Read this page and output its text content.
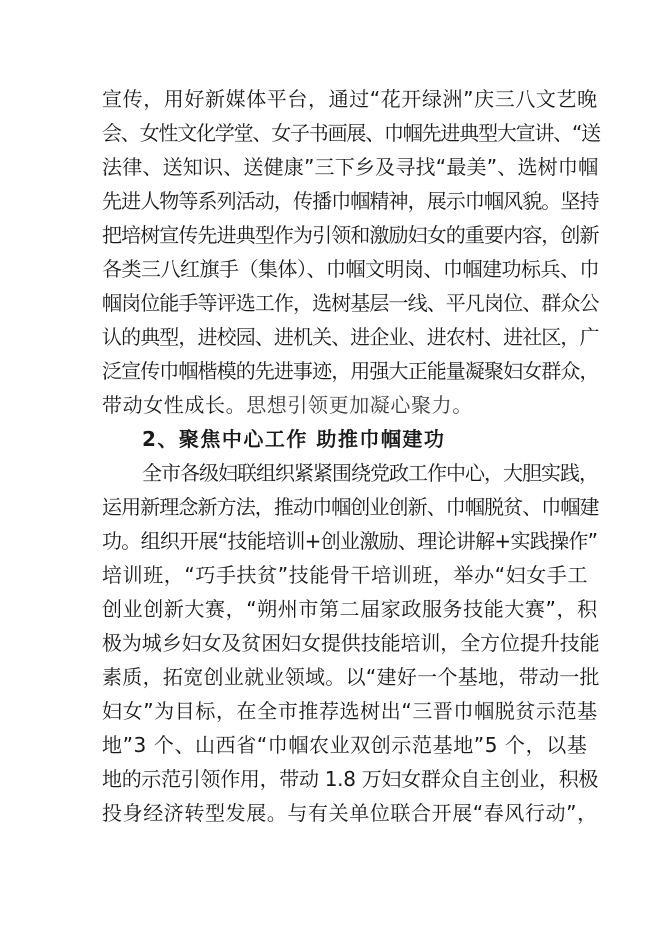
宣传，用好新媒体平台，通过“花开绿洲”庆三八文艺晚
会、女性文化学堂、女子书画展、巾帼先进典型大宣讲、“送
法律、送知识、送健康”三下乡及寻找“最美”、选树巾帼
先进人物等系列活动，传播巾帼精神，展示巾帼风貌。坚持
把培树宣传先进典型作为引领和激励妇女的重要内容，创新
各类三八红旗手（集体）、巾帼文明岗、巾帼建功标兵、巾
帼岗位能手等评选工作，选树基层一线、平凡岗位、群众公
认的典型，进校园、进机关、进企业、进农村、进社区，广
泛宣传巾帼楷模的先进事迹，用强大正能量凝聚妇女群众，
带动女性成长。思想引领更加凝心聚力。
2、聚焦中心工作 助推巾帼建功
全市各级妇联组织紧紧围绕党政工作中心，大胆实践，
运用新理念新方法，推动巾帼创业创新、巾帼脱贫、巾帼建
功。组织开展“技能培训+创业激励、理论讲解+实践操作”
培训班，“巧手扶贫”技能骨干培训班，举办“妇女手工
创业创新大赛，“朔州市第二届家政服务技能大赛”，积
极为城乡妇女及贫困妇女提供技能培训，全方位提升技能
素质，拓宽创业就业领域。以“建好一个基地，带动一批
妇女”为目标，在全市推荐选树出“三晋巾帼脱贫示范基
地”3 个、山西省“巾帼农业双创示范基地”5 个，以基
地的示范引领作用，带动 1.8 万妇女群众自主创业，积极
投身经济转型发展。与有关单位联合开展“春风行动”，
